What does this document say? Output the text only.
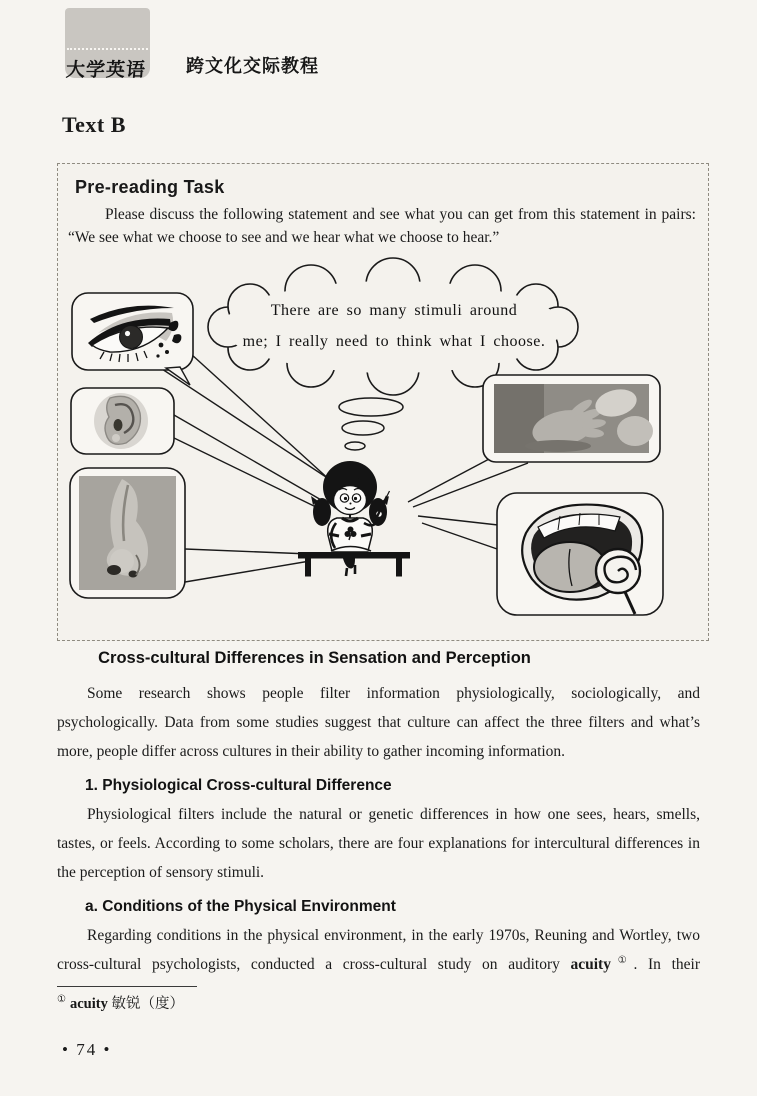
大学英语 跨文化交际教程
Text B
Pre-reading Task

Please discuss the following statement and see what you can get from this statement in pairs: “We see what we choose to see and we hear what we choose to hear.”

There are so many stimuli around
me; I really need to think what I choose.
Cross-cultural Differences in Sensation and Perception

Some research shows people filter information physiologically, sociologically, and psychologically. Data from some studies suggest that culture can affect the three filters and what’s more, people differ across cultures in their ability to gather incoming information.

1. Physiological Cross-cultural Difference

Physiological filters include the natural or genetic differences in how one sees, hears, smells, tastes, or feels. According to some scholars, there are four explanations for intercultural differences in the perception of sensory stimuli.

a. Conditions of the Physical Environment

Regarding conditions in the physical environment, in the early 1970s, Reuning and Wortley, two cross-cultural psychologists, conducted a cross-cultural study on auditory acuity①. In their

① acuity 敏锐（度）
• 74 •
